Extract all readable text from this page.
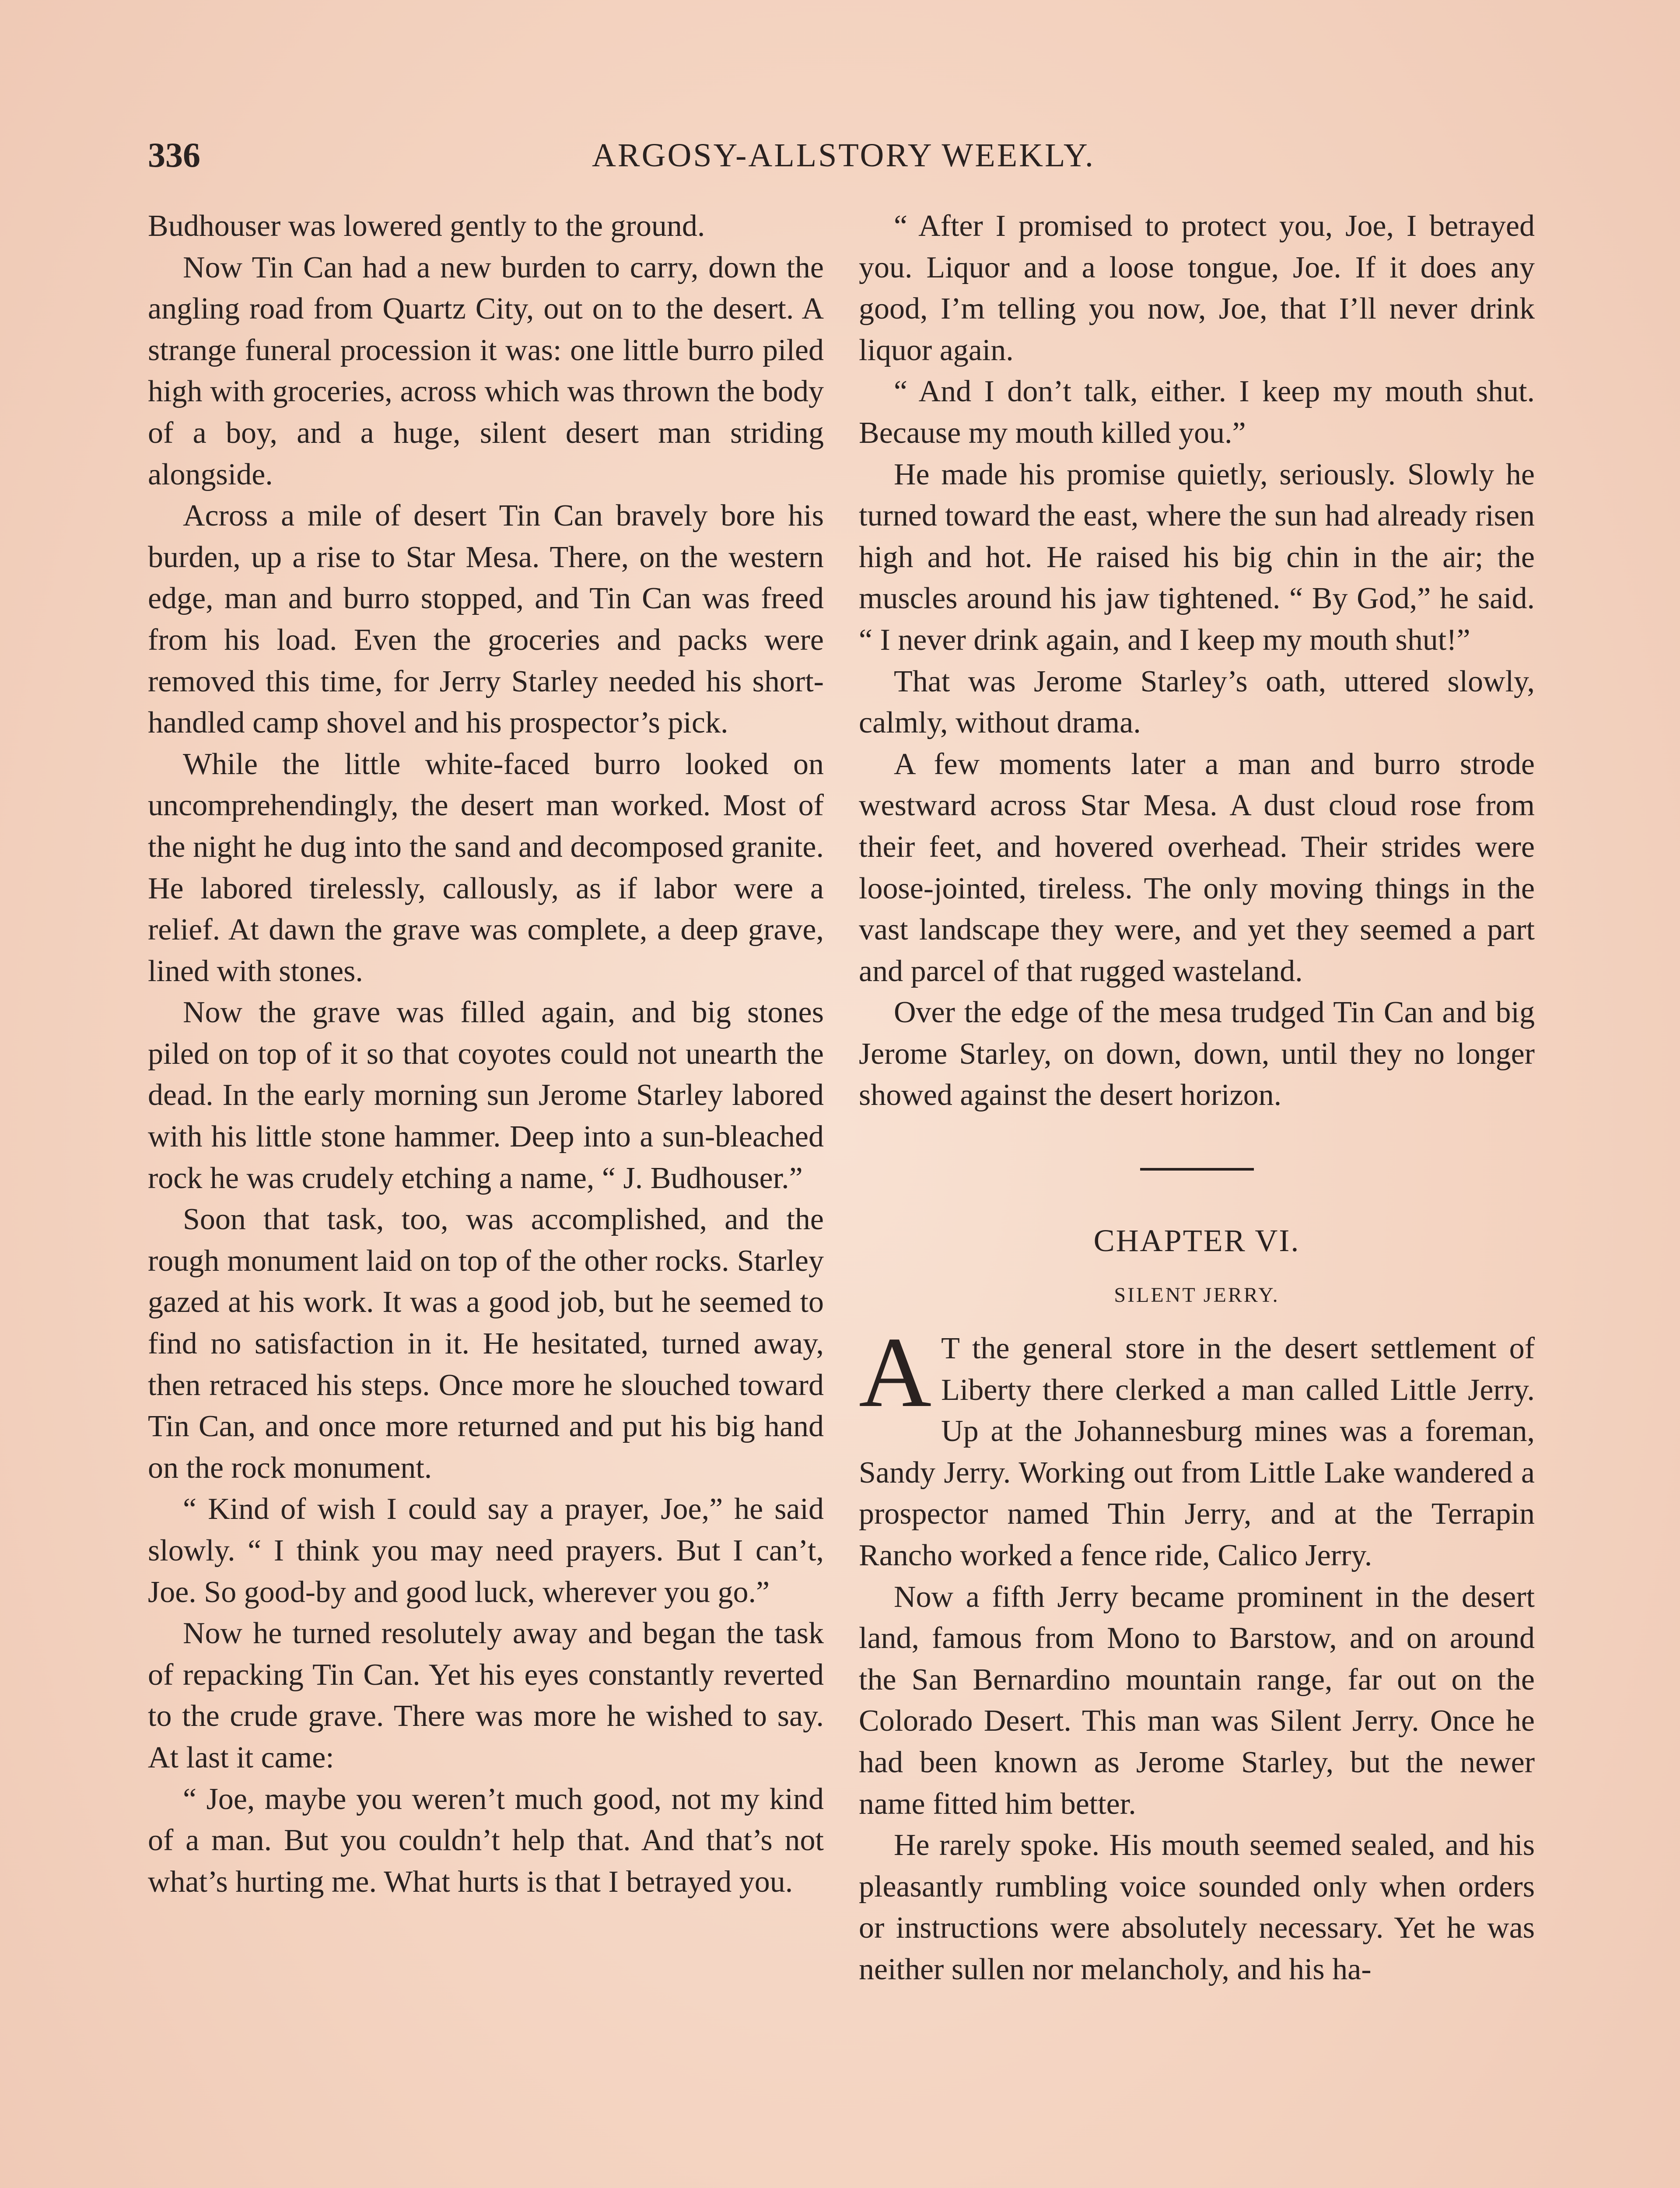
336	ARGOSY-ALLSTORY WEEKLY.

Budhouser was lowered gently to the ground.

Now Tin Can had a new burden to carry, down the angling road from Quartz City, out on to the desert. A strange funeral procession it was: one little burro piled high with groceries, across which was thrown the body of a boy, and a huge, silent desert man striding alongside.

Across a mile of desert Tin Can bravely bore his burden, up a rise to Star Mesa. There, on the western edge, man and burro stopped, and Tin Can was freed from his load. Even the groceries and packs were removed this time, for Jerry Starley needed his short-handled camp shovel and his prospector’s pick.

While the little white-faced burro looked on uncomprehendingly, the desert man worked. Most of the night he dug into the sand and decomposed granite. He labored tirelessly, callously, as if labor were a relief. At dawn the grave was complete, a deep grave, lined with stones.

Now the grave was filled again, and big stones piled on top of it so that coyotes could not unearth the dead. In the early morning sun Jerome Starley labored with his little stone hammer. Deep into a sun-bleached rock he was crudely etching a name, “ J. Budhouser.”

Soon that task, too, was accomplished, and the rough monument laid on top of the other rocks. Starley gazed at his work. It was a good job, but he seemed to find no satisfaction in it. He hesitated, turned away, then retraced his steps. Once more he slouched toward Tin Can, and once more returned and put his big hand on the rock monument.

“ Kind of wish I could say a prayer, Joe,” he said slowly. “ I think you may need prayers. But I can’t, Joe. So good-by and good luck, wherever you go.”

Now he turned resolutely away and began the task of repacking Tin Can. Yet his eyes constantly reverted to the crude grave. There was more he wished to say. At last it came:

“ Joe, maybe you weren’t much good, not my kind of a man. But you couldn’t help that. And that’s not what’s hurting me. What hurts is that I betrayed you.

“ After I promised to protect you, Joe, I betrayed you. Liquor and a loose tongue, Joe. If it does any good, I’m telling you now, Joe, that I’ll never drink liquor again.

“ And I don’t talk, either. I keep my mouth shut. Because my mouth killed you.”

He made his promise quietly, seriously. Slowly he turned toward the east, where the sun had already risen high and hot. He raised his big chin in the air; the muscles around his jaw tightened. “ By God,” he said. “ I never drink again, and I keep my mouth shut!”

That was Jerome Starley’s oath, uttered slowly, calmly, without drama.

A few moments later a man and burro strode westward across Star Mesa. A dust cloud rose from their feet, and hovered overhead. Their strides were loose-jointed, tireless. The only moving things in the vast landscape they were, and yet they seemed a part and parcel of that rugged wasteland.

Over the edge of the mesa trudged Tin Can and big Jerome Starley, on down, down, until they no longer showed against the desert horizon.

CHAPTER VI.
SILENT JERRY.

A T the general store in the desert settlement of Liberty there clerked a man called Little Jerry. Up at the Johannesburg mines was a foreman, Sandy Jerry. Working out from Little Lake wandered a prospector named Thin Jerry, and at the Terrapin Rancho worked a fence ride, Calico Jerry.

Now a fifth Jerry became prominent in the desert land, famous from Mono to Barstow, and on around the San Bernardino mountain range, far out on the Colorado Desert. This man was Silent Jerry. Once he had been known as Jerome Starley, but the newer name fitted him better.

He rarely spoke. His mouth seemed sealed, and his pleasantly rumbling voice sounded only when orders or instructions were absolutely necessary. Yet he was neither sullen nor melancholy, and his ha-
